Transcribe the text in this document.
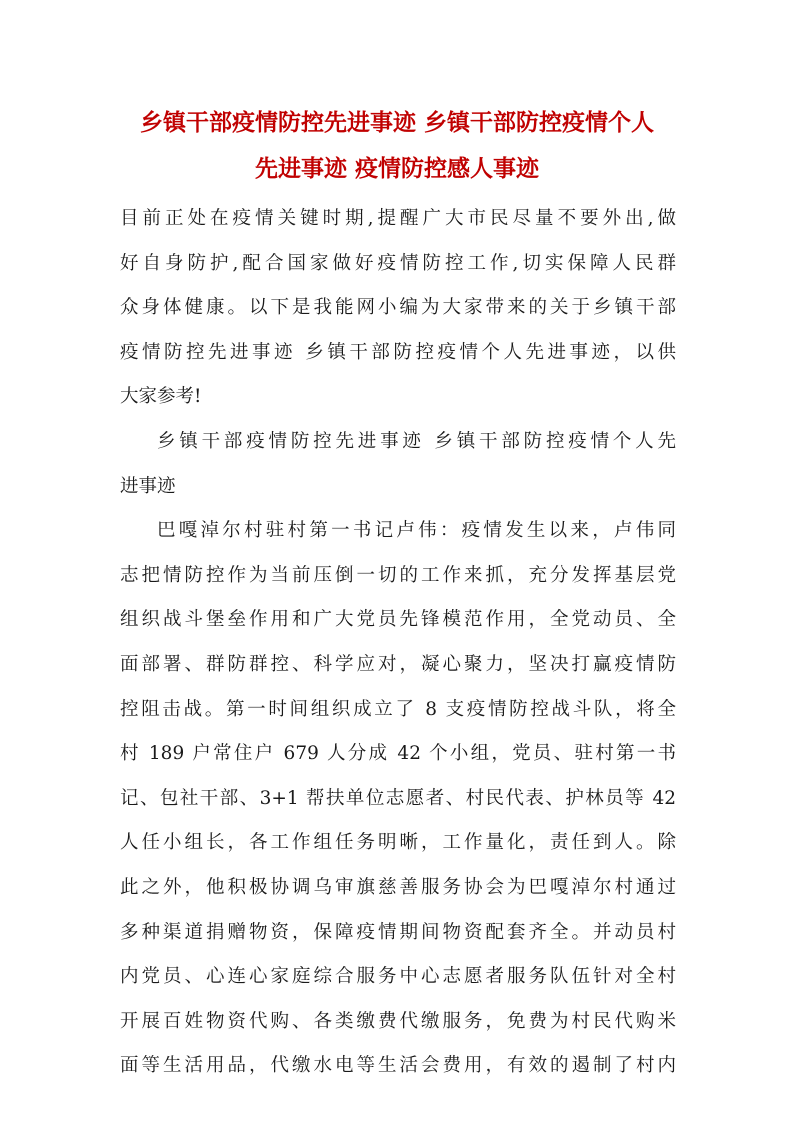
乡镇干部疫情防控先进事迹 乡镇干部防控疫情个人
先进事迹 疫情防控感人事迹

目前正处在疫情关键时期,提醒广大市民尽量不要外出,做
好自身防护,配合国家做好疫情防控工作,切实保障人民群
众身体健康。以下是我能网小编为大家带来的关于乡镇干部
疫情防控先进事迹 乡镇干部防控疫情个人先进事迹，以供
大家参考!

乡镇干部疫情防控先进事迹 乡镇干部防控疫情个人先
进事迹

巴嘎淖尔村驻村第一书记卢伟：疫情发生以来，卢伟同
志把情防控作为当前压倒一切的工作来抓，充分发挥基层党
组织战斗堡垒作用和广大党员先锋模范作用，全党动员、全
面部署、群防群控、科学应对，凝心聚力，坚决打赢疫情防
控阻击战。第一时间组织成立了 8 支疫情防控战斗队，将全
村 189 户常住户 679 人分成 42 个小组，党员、驻村第一书
记、包社干部、3+1 帮扶单位志愿者、村民代表、护林员等 42
人任小组长，各工作组任务明晰，工作量化，责任到人。除
此之外，他积极协调乌审旗慈善服务协会为巴嘎淖尔村通过
多种渠道捐赠物资，保障疫情期间物资配套齐全。并动员村
内党员、心连心家庭综合服务中心志愿者服务队伍针对全村
开展百姓物资代购、各类缴费代缴服务，免费为村民代购米
面等生活用品，代缴水电等生活会费用，有效的遏制了村内
